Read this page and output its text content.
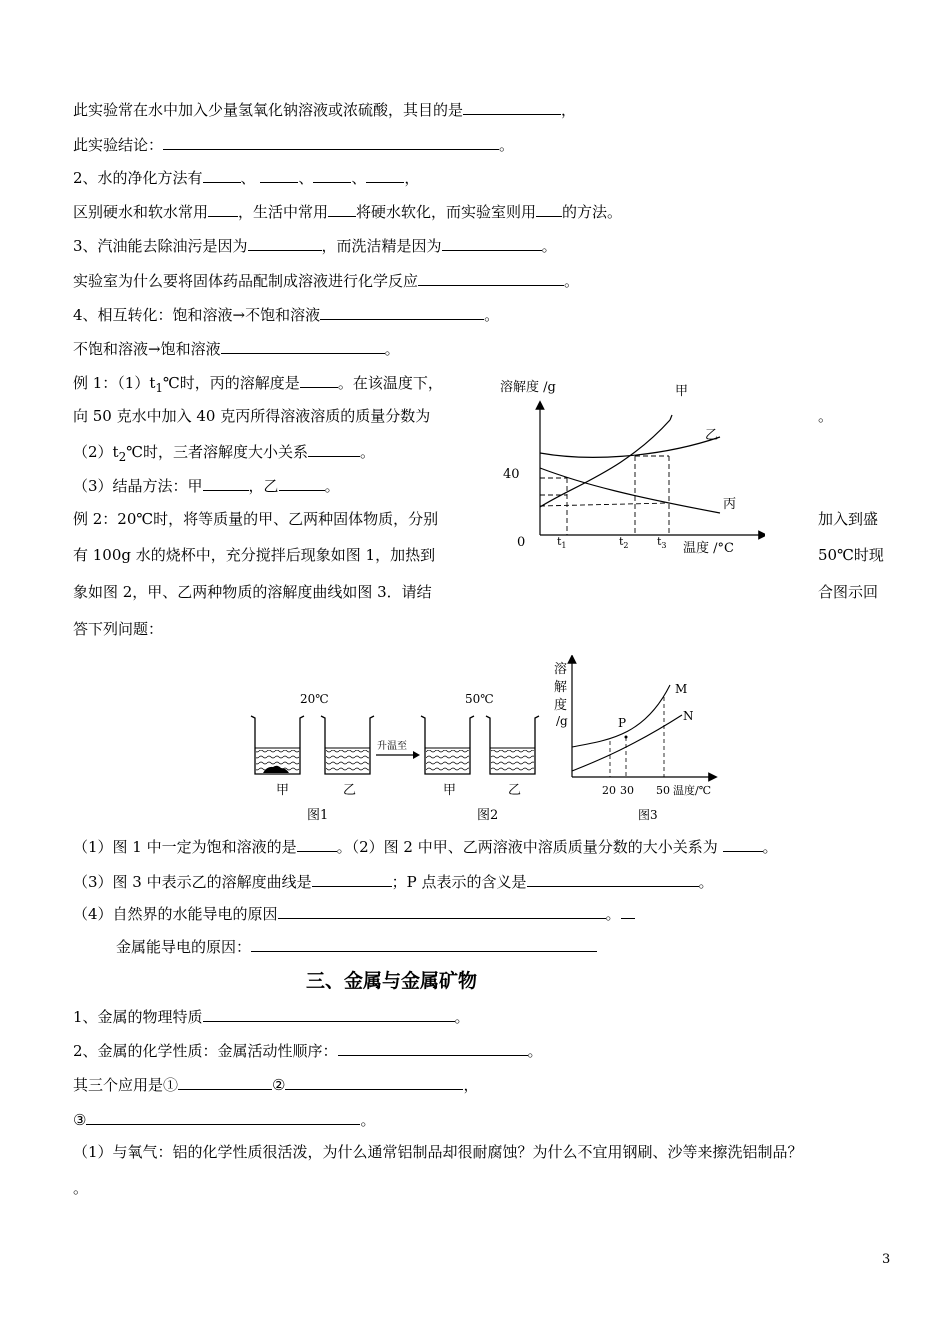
此实验常在水中加入少量氢氧化钠溶液或浓硫酸，其目的是	，
此实验结论：	。
2、水的净化方法有	、	、	、	，
区别硬水和软水常用 ，生活中常用 将硬水软化，而实验室则用 的方法。
3、汽油能去除油污是因为	，而洗洁精是因为	。
实验室为什么要将固体药品配制成溶液进行化学反应	。
4、相互转化：饱和溶液→不饱和溶液	。
不饱和溶液→饱和溶液	。
例 1：$(1)t_1℃$时，丙的溶解度是	。在该温度下，
向 50 克水中加入 40 克丙所得溶液溶质的质量分数为	。
$(2)t_2℃$时，三者溶解度大小关系	。
（3）结晶方法：甲	，乙	。
例 2：20℃时，将等质量的甲、乙两种固体物质，分别	加入到盛
有 100g 水的烧杯中，充分搅拌后现象如图 1，加热到	50℃时现
象如图 2，甲、乙两种物质的溶解度曲线如图 3．请结	合图示回
答下列问题：
溶解度 /g
40
0	温度 /°C
$t_1$	$t_2$	$t_3$
甲
乙
丙
20℃	50℃
升温至
甲	乙	甲	乙
图1	图2
溶
解
度
/g
M
N
P
20 30 50 温度/℃
图3
（1）图 1 中一定为饱和溶液的是	。（2）图 2 中甲、乙两溶液中溶质质量分数的大小关系为	。
（3）图 3 中表示乙的溶解度曲线是	；P 点表示的含义是	。
（4）自然界的水能导电的原因	。
金属能导电的原因：
三、金属与金属矿物
1、金属的物理特质	。
2、金属的化学性质：金属活动性顺序：	。
其三个应用是①	②	，
③	。
（1）与氧气：铝的化学性质很活泼，为什么通常铝制品却很耐腐蚀？为什么不宜用钢刷、沙等来擦洗铝制品？
。
3
